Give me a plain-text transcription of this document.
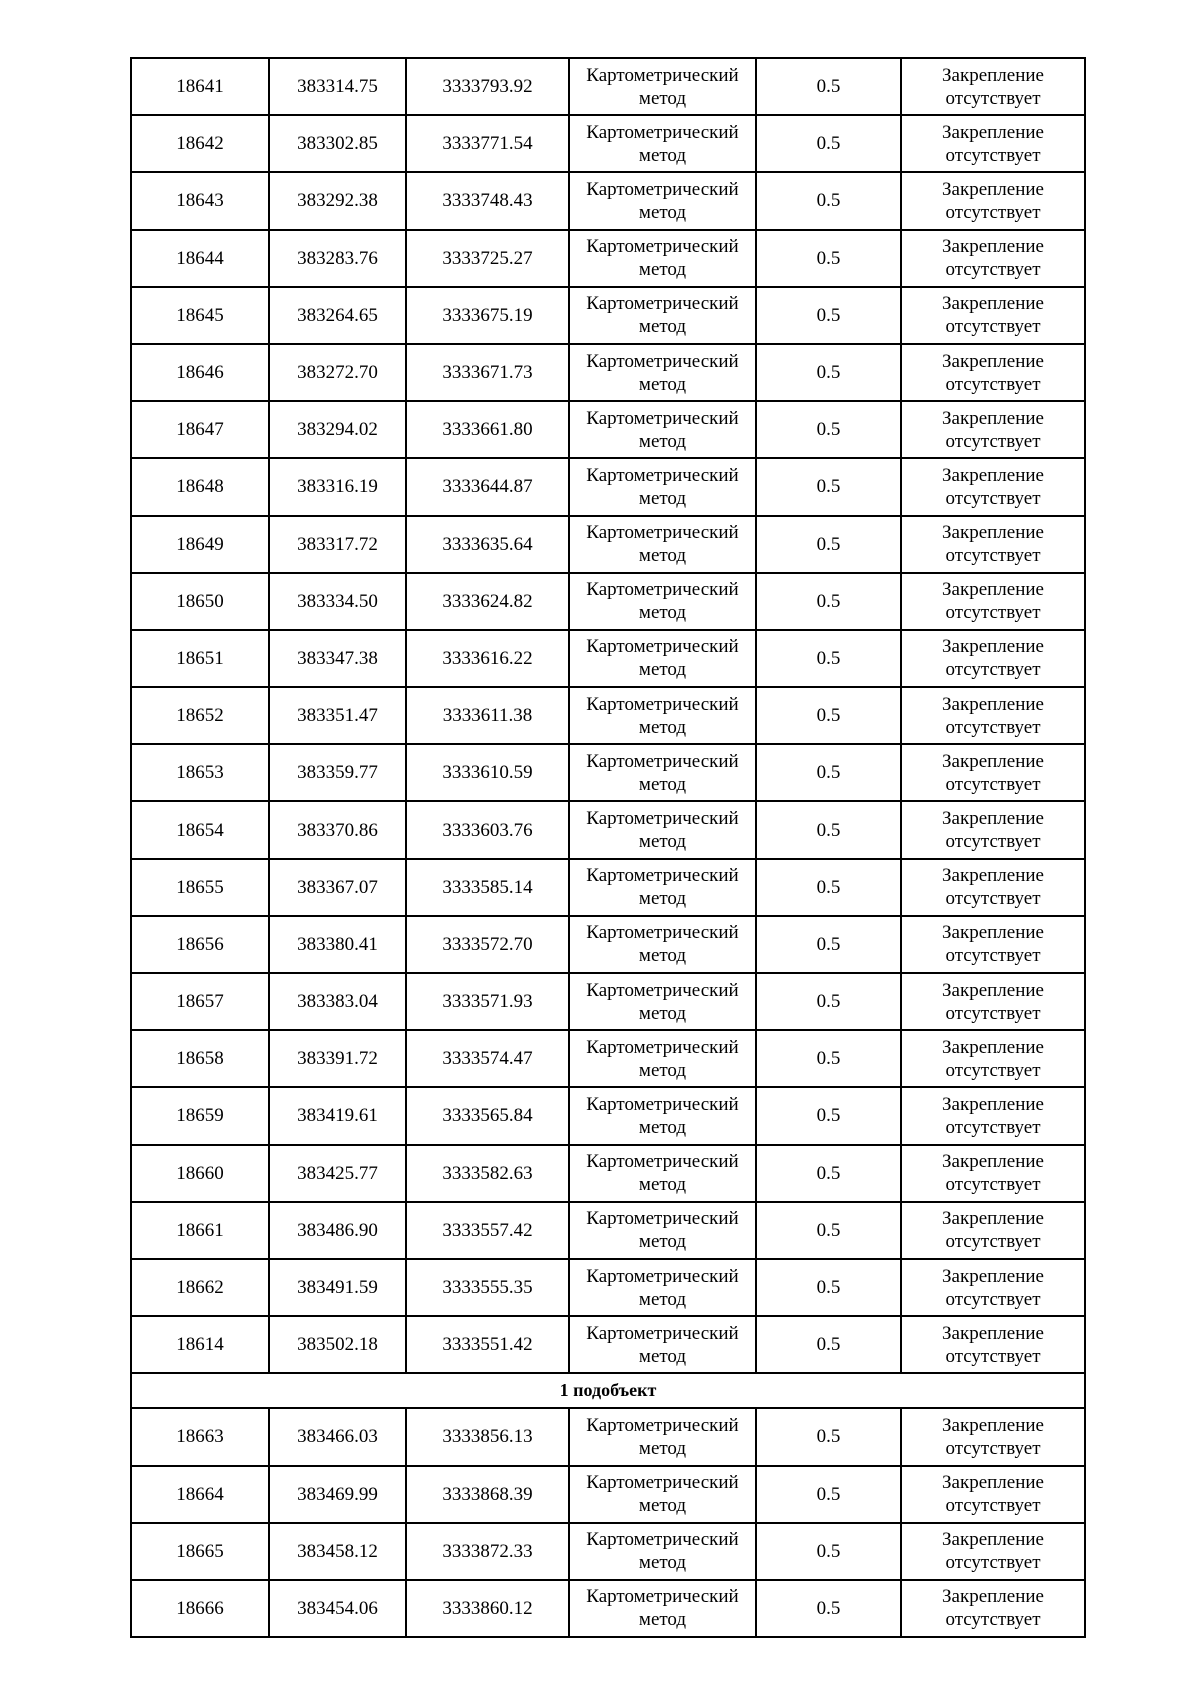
18641	383314.75	3333793.92	Картометрический
метод	0.5	Закрепление
отсутствует

18642	383302.85	3333771.54	Картометрический
метод	0.5	Закрепление
отсутствует

18643	383292.38	3333748.43	Картометрический
метод	0.5	Закрепление
отсутствует

18644	383283.76	3333725.27	Картометрический
метод	0.5	Закрепление
отсутствует

18645	383264.65	3333675.19	Картометрический
метод	0.5	Закрепление
отсутствует

18646	383272.70	3333671.73	Картометрический
метод	0.5	Закрепление
отсутствует

18647	383294.02	3333661.80	Картометрический
метод	0.5	Закрепление
отсутствует

18648	383316.19	3333644.87	Картометрический
метод	0.5	Закрепление
отсутствует

18649	383317.72	3333635.64	Картометрический
метод	0.5	Закрепление
отсутствует

18650	383334.50	3333624.82	Картометрический
метод	0.5	Закрепление
отсутствует

18651	383347.38	3333616.22	Картометрический
метод	0.5	Закрепление
отсутствует

18652	383351.47	3333611.38	Картометрический
метод	0.5	Закрепление
отсутствует

18653	383359.77	3333610.59	Картометрический
метод	0.5	Закрепление
отсутствует

18654	383370.86	3333603.76	Картометрический
метод	0.5	Закрепление
отсутствует

18655	383367.07	3333585.14	Картометрический
метод	0.5	Закрепление
отсутствует

18656	383380.41	3333572.70	Картометрический
метод	0.5	Закрепление
отсутствует

18657	383383.04	3333571.93	Картометрический
метод	0.5	Закрепление
отсутствует

18658	383391.72	3333574.47	Картометрический
метод	0.5	Закрепление
отсутствует

18659	383419.61	3333565.84	Картометрический
метод	0.5	Закрепление
отсутствует

18660	383425.77	3333582.63	Картометрический
метод	0.5	Закрепление
отсутствует

18661	383486.90	3333557.42	Картометрический
метод	0.5	Закрепление
отсутствует

18662	383491.59	3333555.35	Картометрический
метод	0.5	Закрепление
отсутствует

18614	383502.18	3333551.42	Картометрический
метод	0.5	Закрепление
отсутствует

1 подобъект					
18663	383466.03	3333856.13	Картометрический
метод	0.5	Закрепление
отсутствует

18664	383469.99	3333868.39	Картометрический
метод	0.5	Закрепление
отсутствует

18665	383458.12	3333872.33	Картометрический
метод	0.5	Закрепление
отсутствует

18666	383454.06	3333860.12	Картометрический
метод	0.5	Закрепление
отсутствует
